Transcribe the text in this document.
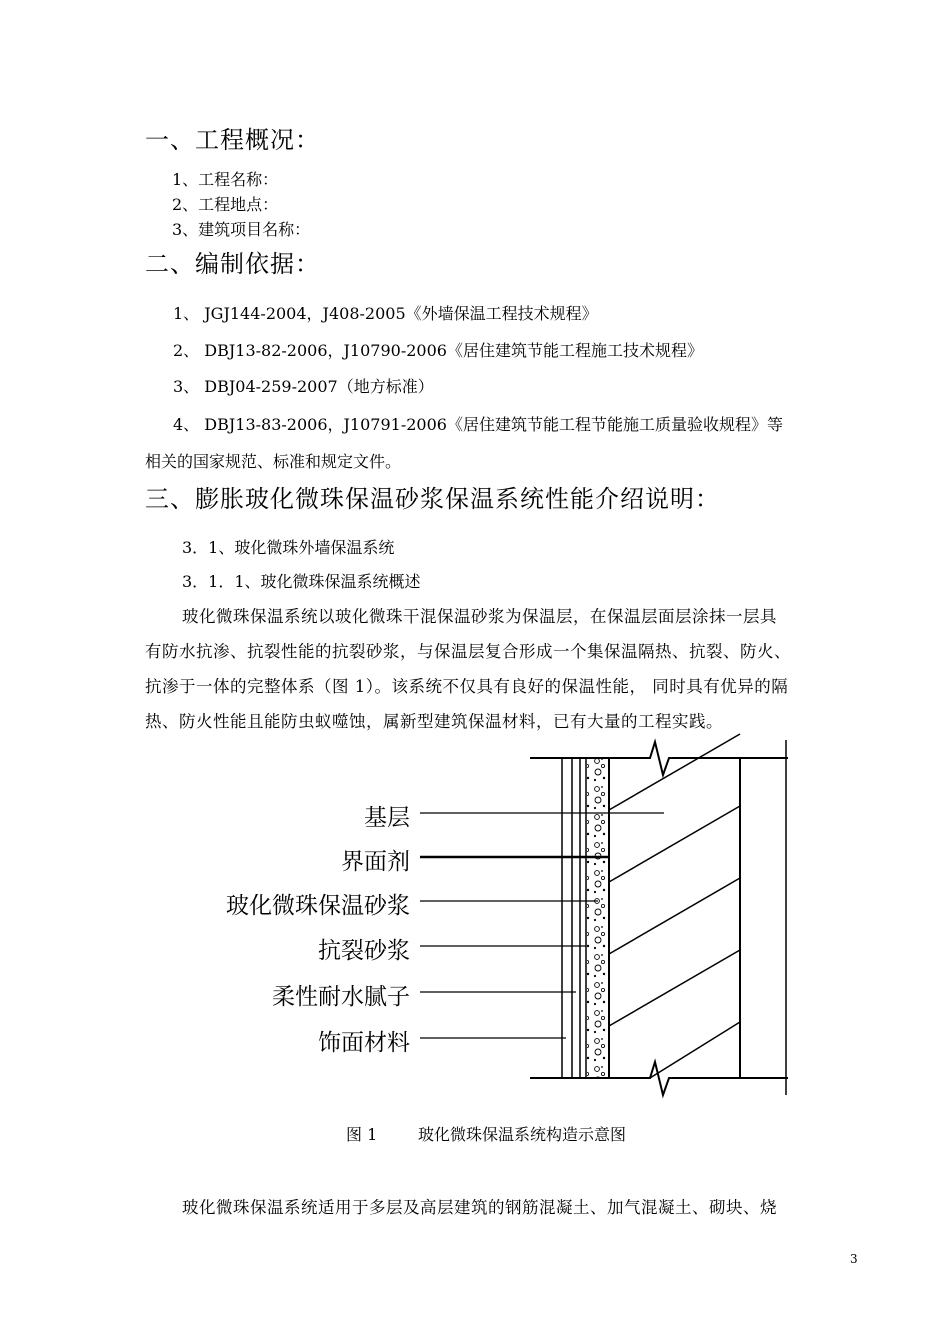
一、工程概况：
1、工程名称：
2、工程地点：
3、建筑项目名称：
二、编制依据：
1、 JGJ144-2004，J408-2005《外墙保温工程技术规程》
2、 DBJ13-82-2006，J10790-2006《居住建筑节能工程施工技术规程》
3、 DBJ04-259-2007（地方标准）
4、 DBJ13-83-2006，J10791-2006《居住建筑节能工程节能施工质量验收规程》等
相关的国家规范、标准和规定文件。
三、膨胀玻化微珠保温砂浆保温系统性能介绍说明：
3．1、玻化微珠外墙保温系统
3．1．1、玻化微珠保温系统概述
玻化微珠保温系统以玻化微珠干混保温砂浆为保温层，在保温层面层涂抹一层具
有防水抗渗、抗裂性能的抗裂砂浆，与保温层复合形成一个集保温隔热、抗裂、防火、
抗渗于一体的完整体系（图 1）。该系统不仅具有良好的保温性能， 同时具有优异的隔
热、防火性能且能防虫蚁噬蚀，属新型建筑保温材料，已有大量的工程实践。
基层
界面剂
玻化微珠保温砂浆
抗裂砂浆
柔性耐水腻子
饰面材料
图 1	玻化微珠保温系统构造示意图
玻化微珠保温系统适用于多层及高层建筑的钢筋混凝土、加气混凝土、砌块、烧
3
